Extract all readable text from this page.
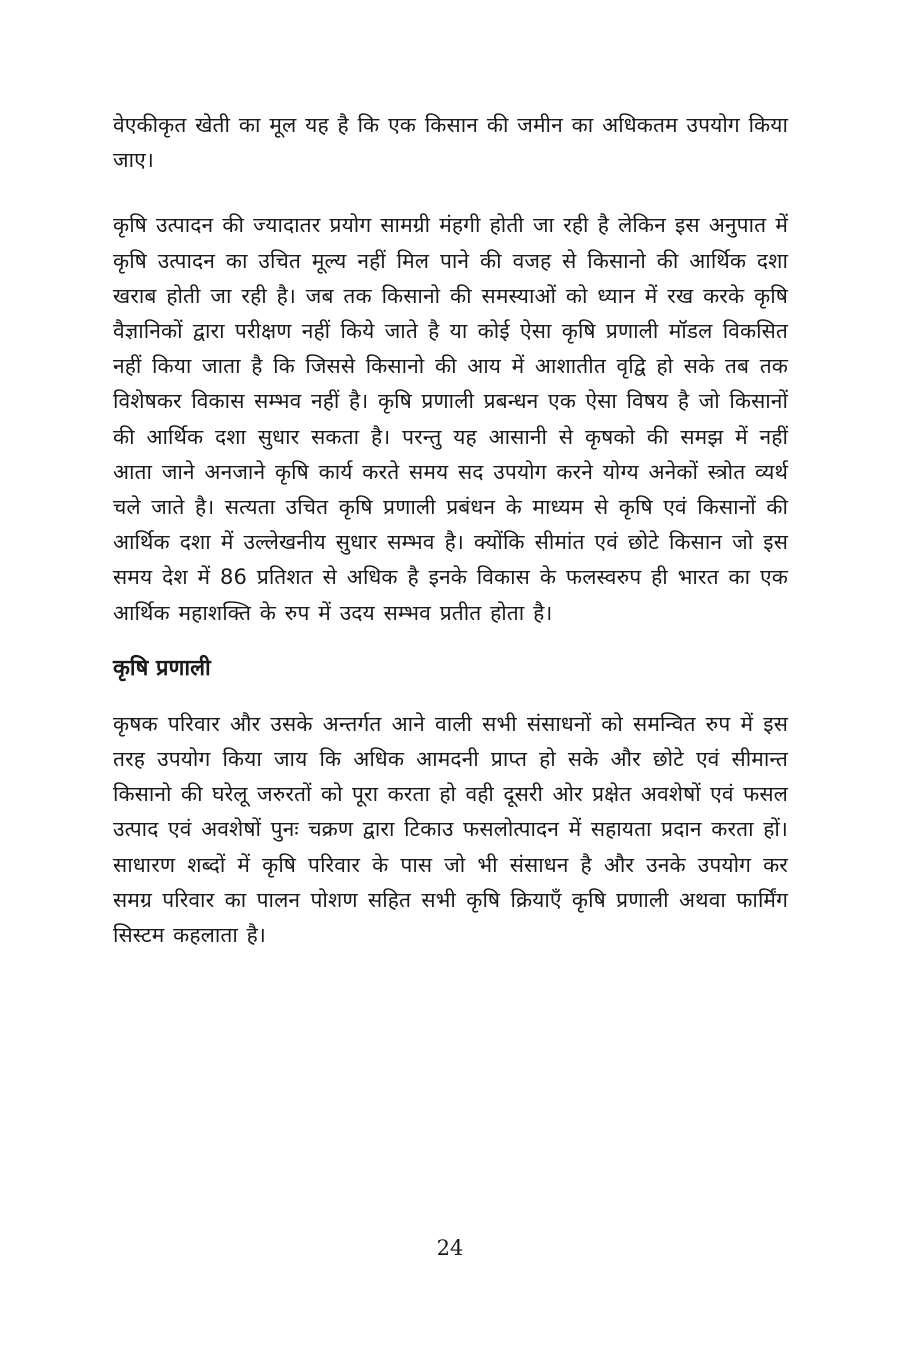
वेएकीकृत खेती का मूल यह है कि एक किसान की जमीन का अधिकतम उपयोग किया जाए।

कृषि उत्पादन की ज्यादातर प्रयोग सामग्री मंहगी होती जा रही है लेकिन इस अनुपात में कृषि उत्पादन का उचित मूल्य नहीं मिल पाने की वजह से किसानो की आर्थिक दशा खराब होती जा रही है। जब तक किसानो की समस्याओं को ध्यान में रख करके कृषि वैज्ञानिकों द्वारा परीक्षण नहीं किये जाते है या कोई ऐसा कृषि प्रणाली मॉडल विकसित नहीं किया जाता है कि जिससे किसानो की आय में आशातीत वृद्वि हो सके तब तक विशेषकर विकास सम्भव नहीं है। कृषि प्रणाली प्रबन्धन एक ऐसा विषय है जो किसानों की आर्थिक दशा सुधार सकता है। परन्तु यह आसानी से कृषको की समझ में नहीं आता जाने अनजाने कृषि कार्य करते समय सद उपयोग करने योग्य अनेकों स्त्रोत व्यर्थ चले जाते है। सत्यता उचित कृषि प्रणाली प्रबंधन के माध्यम से कृषि एवं किसानों की आर्थिक दशा में उल्लेखनीय सुधार सम्भव है। क्योंकि सीमांत एवं छोटे किसान जो इस समय देश में 86 प्रतिशत से अधिक है इनके विकास के फलस्वरुप ही भारत का एक आर्थिक महाशक्ति के रुप में उदय सम्भव प्रतीत होता है।

कृषि प्रणाली

कृषक परिवार और उसके अन्तर्गत आने वाली सभी संसाधनों को समन्वित रुप में इस तरह उपयोग किया जाय कि अधिक आमदनी प्राप्त हो सके और छोटे एवं सीमान्त किसानो की घरेलू जरुरतों को पूरा करता हो वही दूसरी ओर प्रक्षेत अवशेषों एवं फसल उत्पाद एवं अवशेषों पुनः चक्रण द्वारा टिकाउ फसलोत्पादन में सहायता प्रदान करता हों। साधारण शब्दों में कृषि परिवार के पास जो भी संसाधन है और उनके उपयोग कर समग्र परिवार का पालन पोशण सहित सभी कृषि क्रियाएँ कृषि प्रणाली अथवा फार्मिंग सिस्टम कहलाता है।

24
